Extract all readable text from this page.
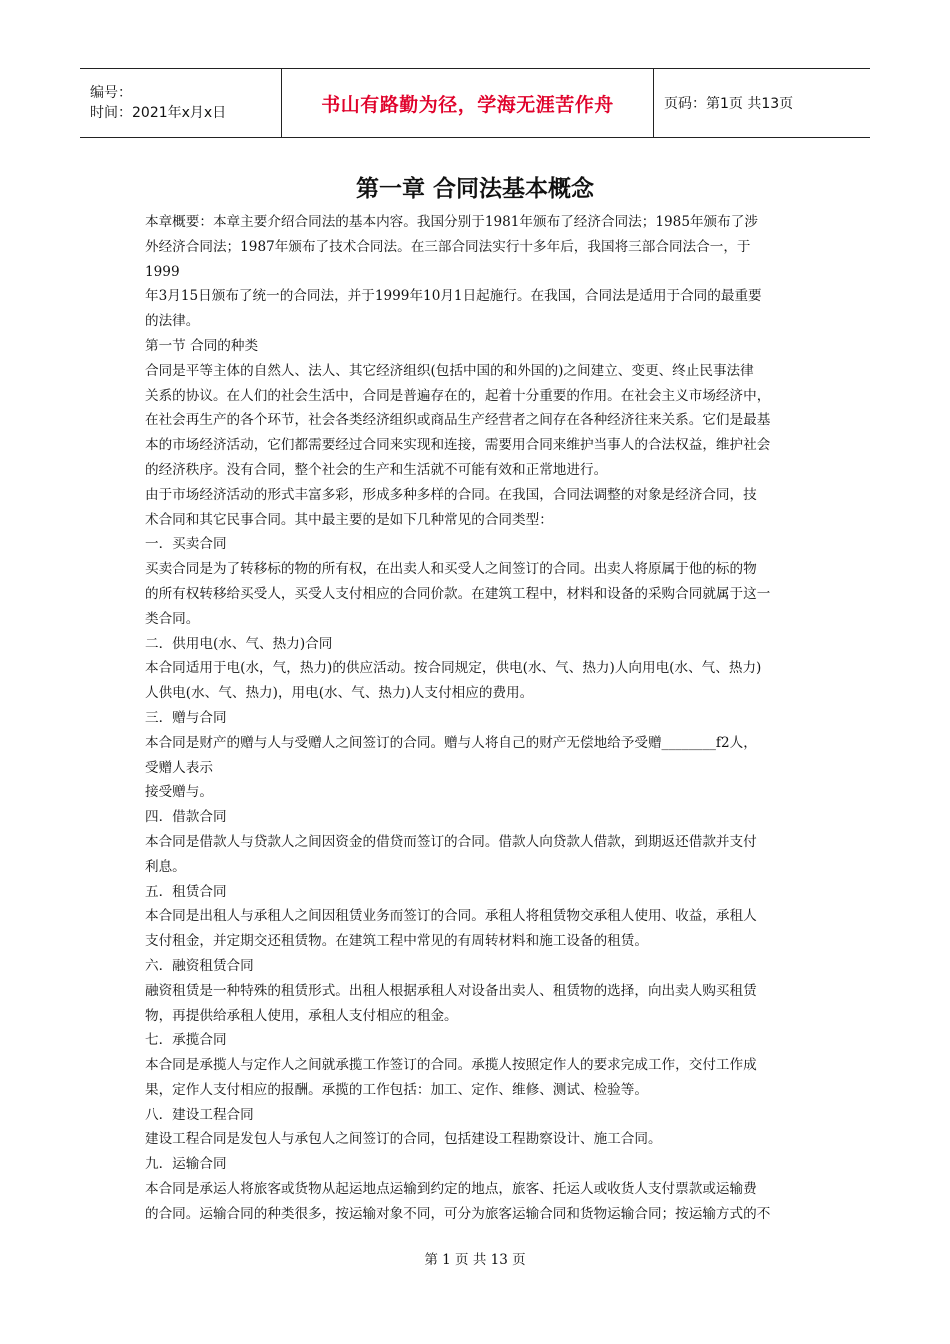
编号：
时间：2021年x月x日	书山有路勤为径，学海无涯苦作舟	页码：第1页 共13页
第一章 合同法基本概念

本章概要：本章主要介绍合同法的基本内容。我国分别于1981年颁布了经济合同法；1985年颁布了涉

外经济合同法；1987年颁布了技术合同法。在三部合同法实行十多年后，我国将三部合同法合一，于

1999

年3月15日颁布了统一的合同法，并于1999年10月1日起施行。在我国，合同法是适用于合同的最重要

的法律。

第一节 合同的种类

合同是平等主体的自然人、法人、其它经济组织(包括中国的和外国的)之间建立、变更、终止民事法律

关系的协议。在人们的社会生活中，合同是普遍存在的，起着十分重要的作用。在社会主义市场经济中，

在社会再生产的各个环节，社会各类经济组织或商品生产经营者之间存在各种经济往来关系。它们是最基

本的市场经济活动，它们都需要经过合同来实现和连接，需要用合同来维护当事人的合法权益，维护社会

的经济秩序。没有合同，整个社会的生产和生活就不可能有效和正常地进行。

由于市场经济活动的形式丰富多彩，形成多种多样的合同。在我国，合同法调整的对象是经济合同，技

术合同和其它民事合同。其中最主要的是如下几种常见的合同类型：

一．买卖合同

买卖合同是为了转移标的物的所有权，在出卖人和买受人之间签订的合同。出卖人将原属于他的标的物

的所有权转移给买受人，买受人支付相应的合同价款。在建筑工程中，材料和设备的采购合同就属于这一

类合同。

二．供用电(水、气、热力)合同

本合同适用于电(水，气，热力)的供应活动。按合同规定，供电(水、气、热力)人向用电(水、气、热力)

人供电(水、气、热力)，用电(水、气、热力)人支付相应的费用。

三．赠与合同

本合同是财产的赠与人与受赠人之间签订的合同。赠与人将自己的财产无偿地给予受赠________f2人，

受赠人表示

接受赠与。

四．借款合同

本合同是借款人与贷款人之间因资金的借贷而签订的合同。借款人向贷款人借款，到期返还借款并支付

利息。

五．租赁合同

本合同是出租人与承租人之间因租赁业务而签订的合同。承租人将租赁物交承租人使用、收益，承租人

支付租金，并定期交还租赁物。在建筑工程中常见的有周转材料和施工设备的租赁。

六．融资租赁合同

融资租赁是一种特殊的租赁形式。出租人根据承租人对设备出卖人、租赁物的选择，向出卖人购买租赁

物，再提供给承租人使用，承租人支付相应的租金。

七．承揽合同

本合同是承揽人与定作人之间就承揽工作签订的合同。承揽人按照定作人的要求完成工作，交付工作成

果，定作人支付相应的报酬。承揽的工作包括：加工、定作、维修、测试、检验等。

八．建设工程合同

建设工程合同是发包人与承包人之间签订的合同，包括建设工程勘察设计、施工合同。

九．运输合同

本合同是承运人将旅客或货物从起运地点运输到约定的地点，旅客、托运人或收货人支付票款或运输费

的合同。运输合同的种类很多，按运输对象不同，可分为旅客运输合同和货物运输合同；按运输方式的不

第 1 页 共 13 页
